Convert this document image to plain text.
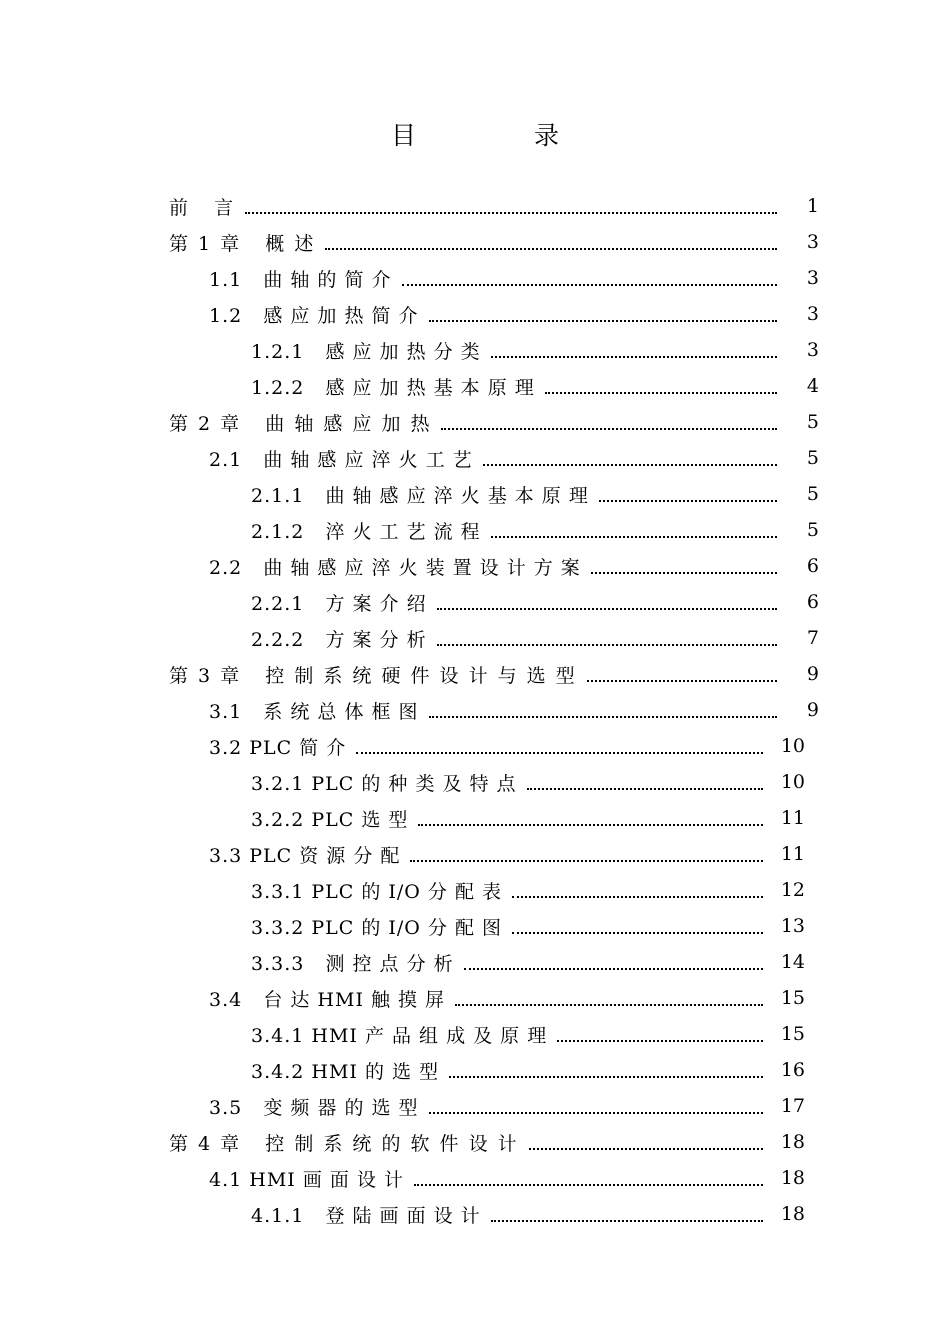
目 录
前   言	1
第 1 章   概 述	3
1.1   曲 轴 的 简 介	3
1.2   感 应 加 热 简 介	3
1.2.1   感 应 加 热 分 类	3
1.2.2   感 应 加 热 基 本 原 理	4
第 2 章   曲 轴 感 应 加 热	5
2.1   曲 轴 感 应 淬 火 工 艺	5
2.1.1   曲 轴 感 应 淬 火 基 本 原 理	5
2.1.2   淬 火 工 艺 流 程	5
2.2   曲 轴 感 应 淬 火 装 置 设 计 方 案	6
2.2.1   方 案 介 绍	6
2.2.2   方 案 分 析	7
第 3 章   控 制 系 统 硬 件 设 计 与 选 型	9
3.1   系 统 总 体 框 图	9
3.2 PLC 简 介	10
3.2.1 PLC 的 种 类 及 特 点	10
3.2.2 PLC 选 型	11
3.3 PLC 资 源 分 配	11
3.3.1 PLC 的 I/O 分 配 表	12
3.3.2 PLC 的 I/O 分 配 图	13
3.3.3   测 控 点 分 析	14
3.4   台 达 HMI 触 摸 屏	15
3.4.1 HMI 产 品 组 成 及 原 理	15
3.4.2 HMI 的 选 型	16
3.5   变 频 器 的 选 型	17
第 4 章   控 制 系 统 的 软 件 设 计	18
4.1 HMI 画 面 设 计	18
4.1.1   登 陆 画 面 设 计	18
